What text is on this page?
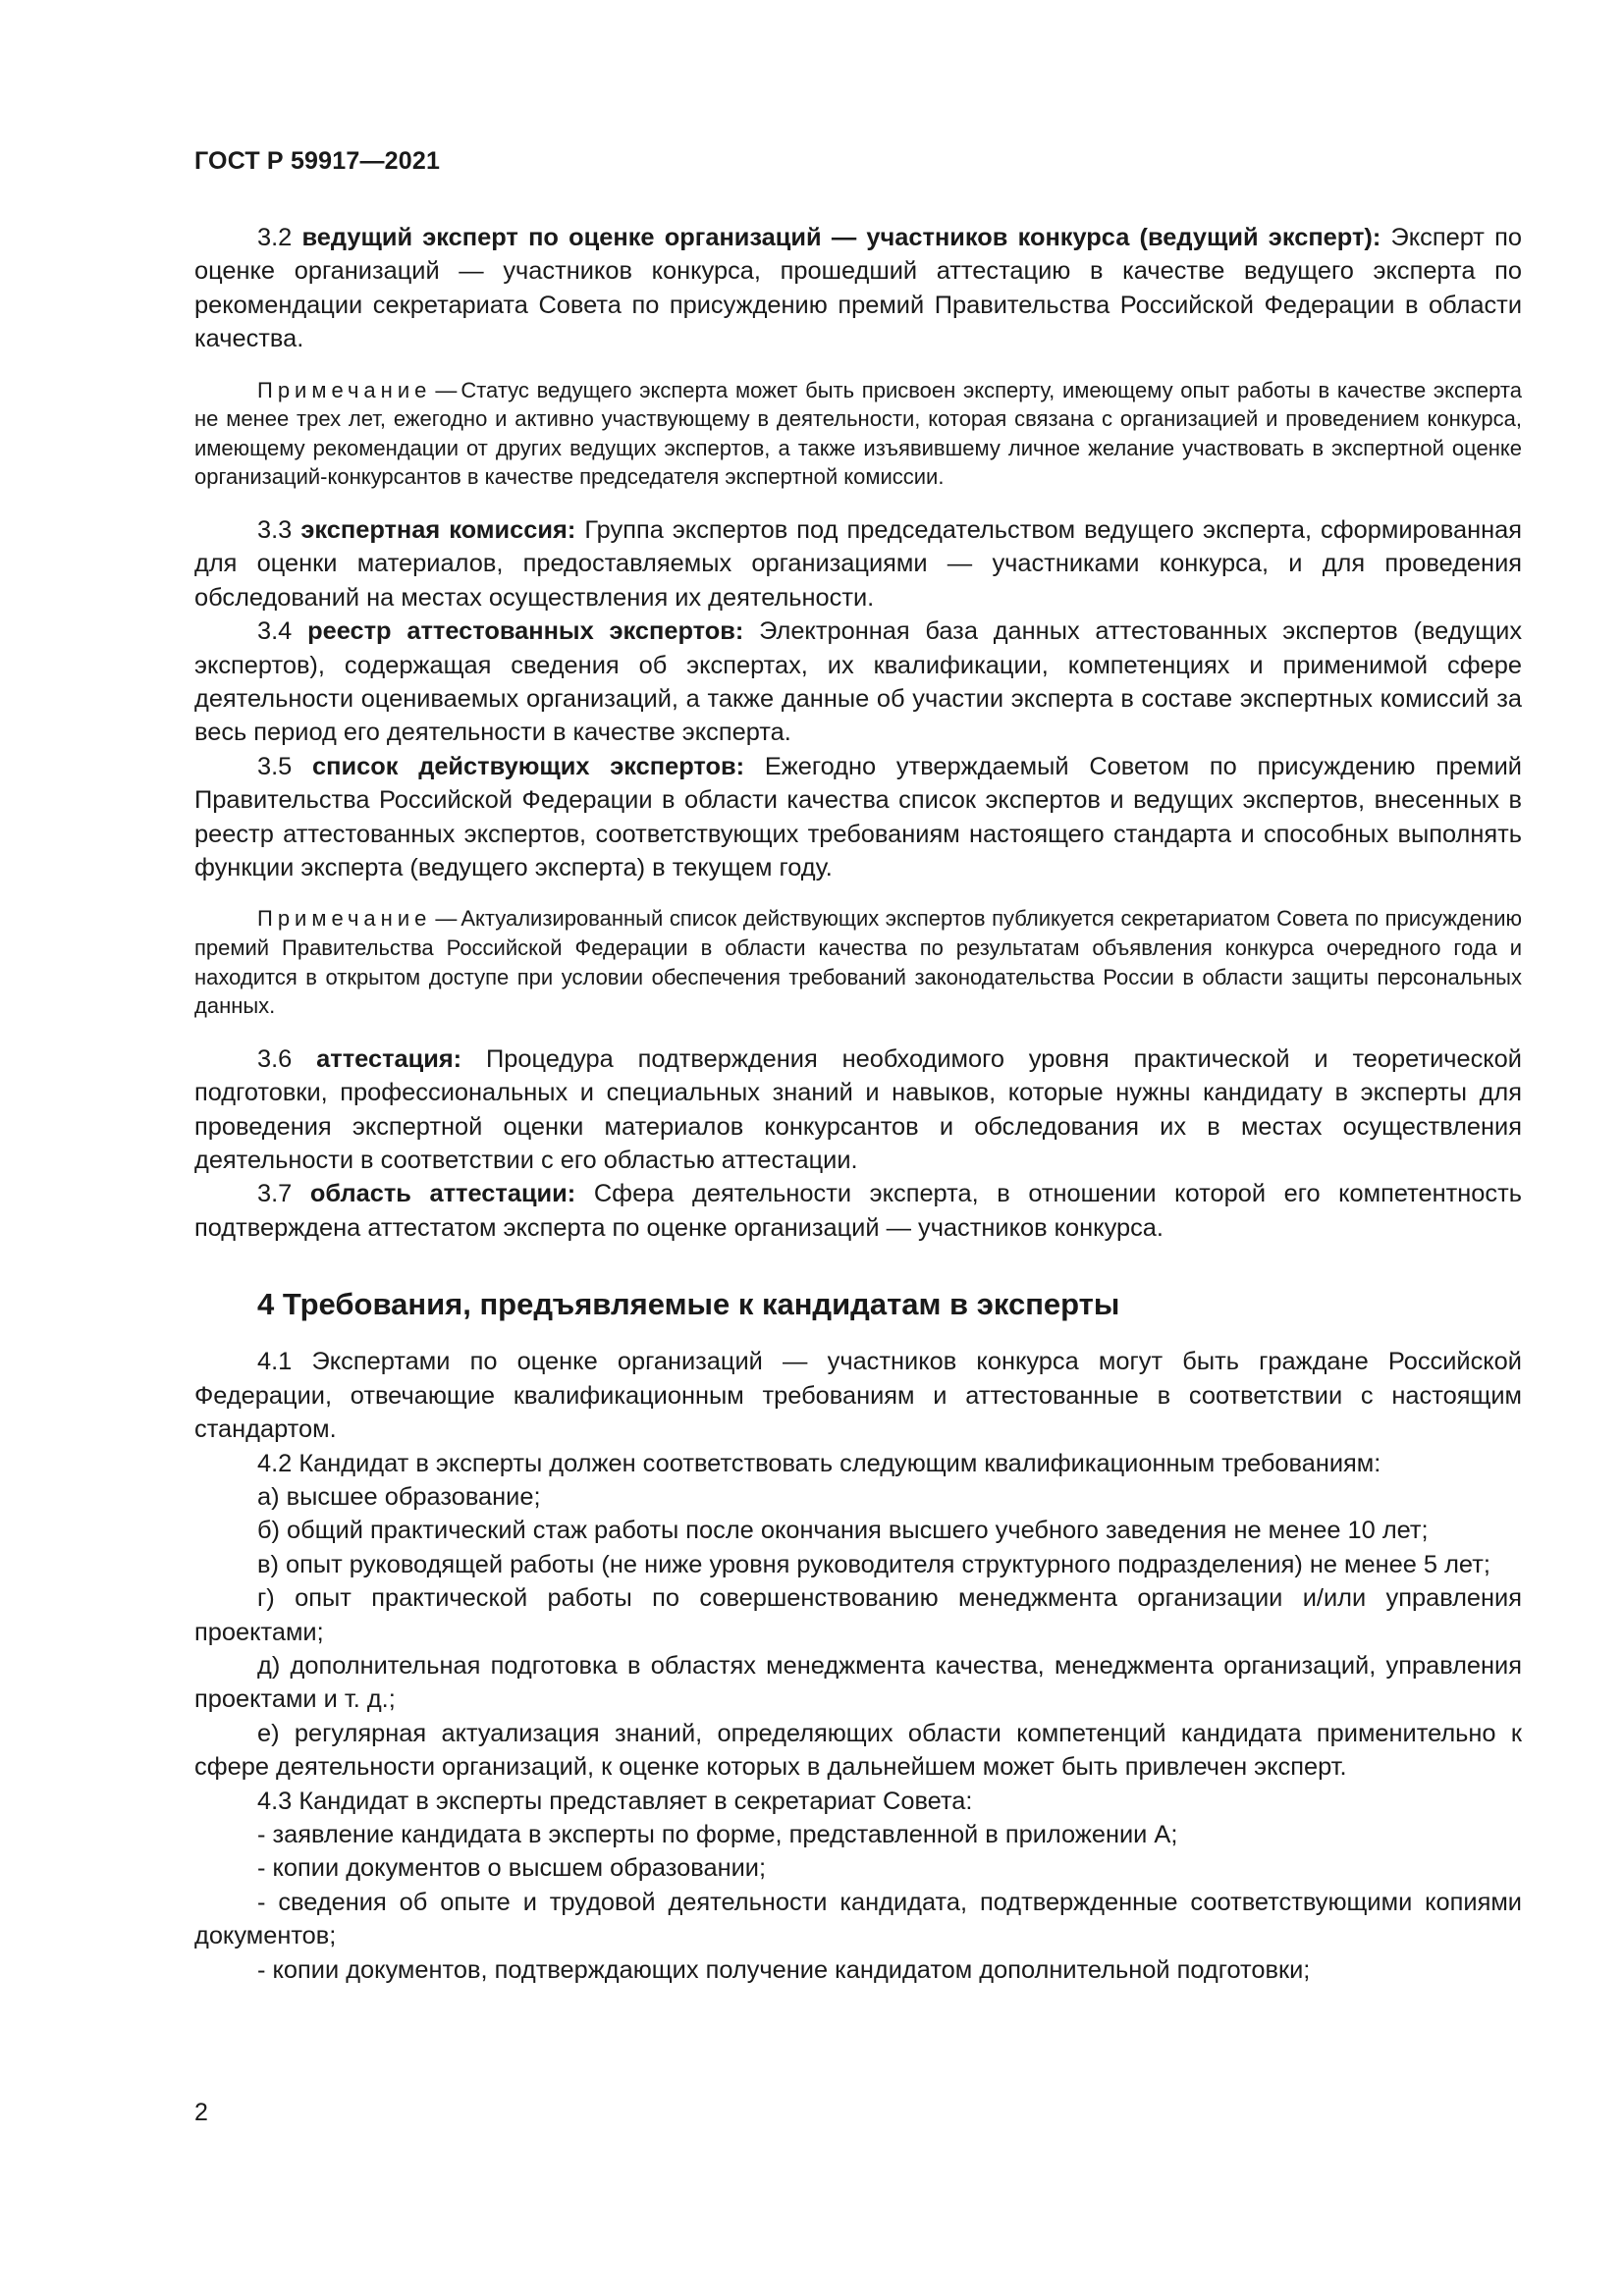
ГОСТ Р 59917—2021

3.2 ведущий эксперт по оценке организаций — участников конкурса (ведущий эксперт): Эксперт по оценке организаций — участников конкурса, прошедший аттестацию в качестве ведущего эксперта по рекомендации секретариата Совета по присуждению премий Правительства Российской Федерации в области качества.

Примечание — Статус ведущего эксперта может быть присвоен эксперту, имеющему опыт работы в качестве эксперта не менее трех лет, ежегодно и активно участвующему в деятельности, которая связана с организацией и проведением конкурса, имеющему рекомендации от других ведущих экспертов, а также изъявившему личное желание участвовать в экспертной оценке организаций-конкурсантов в качестве председателя экспертной комиссии.

3.3 экспертная комиссия: Группа экспертов под председательством ведущего эксперта, сформированная для оценки материалов, предоставляемых организациями — участниками конкурса, и для проведения обследований на местах осуществления их деятельности.

3.4 реестр аттестованных экспертов: Электронная база данных аттестованных экспертов (ведущих экспертов), содержащая сведения об экспертах, их квалификации, компетенциях и применимой сфере деятельности оцениваемых организаций, а также данные об участии эксперта в составе экспертных комиссий за весь период его деятельности в качестве эксперта.

3.5 список действующих экспертов: Ежегодно утверждаемый Советом по присуждению премий Правительства Российской Федерации в области качества список экспертов и ведущих экспертов, внесенных в реестр аттестованных экспертов, соответствующих требованиям настоящего стандарта и способных выполнять функции эксперта (ведущего эксперта) в текущем году.

Примечание — Актуализированный список действующих экспертов публикуется секретариатом Совета по присуждению премий Правительства Российской Федерации в области качества по результатам объявления конкурса очередного года и находится в открытом доступе при условии обеспечения требований законодательства России в области защиты персональных данных.

3.6 аттестация: Процедура подтверждения необходимого уровня практической и теоретической подготовки, профессиональных и специальных знаний и навыков, которые нужны кандидату в эксперты для проведения экспертной оценки материалов конкурсантов и обследования их в местах осуществления деятельности в соответствии с его областью аттестации.

3.7 область аттестации: Сфера деятельности эксперта, в отношении которой его компетентность подтверждена аттестатом эксперта по оценке организаций — участников конкурса.

4 Требования, предъявляемые к кандидатам в эксперты

4.1 Экспертами по оценке организаций — участников конкурса могут быть граждане Российской Федерации, отвечающие квалификационным требованиям и аттестованные в соответствии с настоящим стандартом.

4.2 Кандидат в эксперты должен соответствовать следующим квалификационным требованиям:

а) высшее образование;

б) общий практический стаж работы после окончания высшего учебного заведения не менее 10 лет;

в) опыт руководящей работы (не ниже уровня руководителя структурного подразделения) не менее 5 лет;

г) опыт практической работы по совершенствованию менеджмента организации и/или управления проектами;

д) дополнительная подготовка в областях менеджмента качества, менеджмента организаций, управления проектами и т. д.;

е) регулярная актуализация знаний, определяющих области компетенций кандидата применительно к сфере деятельности организаций, к оценке которых в дальнейшем может быть привлечен эксперт.

4.3 Кандидат в эксперты представляет в секретариат Совета:

- заявление кандидата в эксперты по форме, представленной в приложении А;

- копии документов о высшем образовании;

- сведения об опыте и трудовой деятельности кандидата, подтвержденные соответствующими копиями документов;

- копии документов, подтверждающих получение кандидатом дополнительной подготовки;

2
